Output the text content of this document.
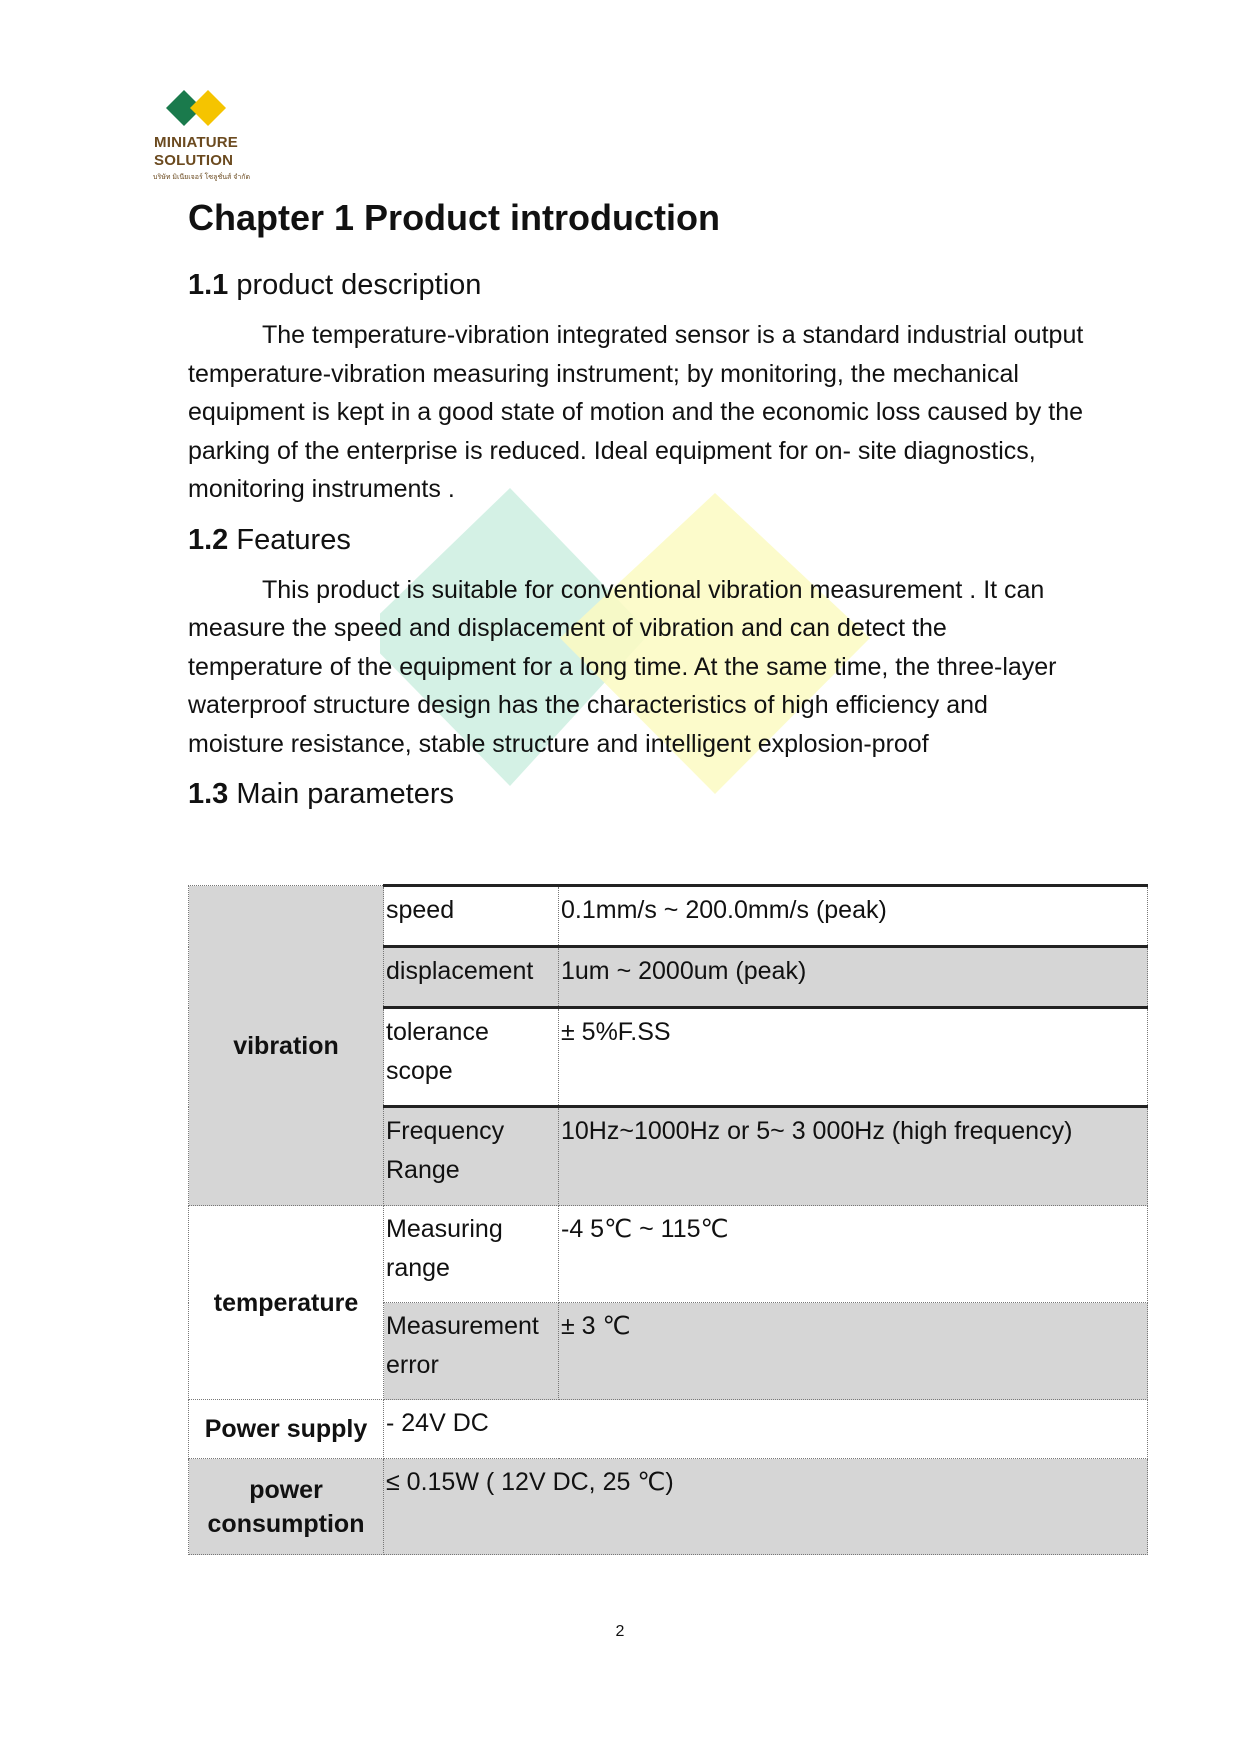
MINIATURE
SOLUTION
บริษัท มิเนียเจอร์ โซลูชั่นส์ จำกัด
Chapter 1 Product introduction
1.1 product description

The temperature-vibration integrated sensor is a standard industrial output temperature-vibration measuring instrument; by monitoring, the mechanical equipment is kept in a good state of motion and the economic loss caused by the parking of the enterprise is reduced. Ideal equipment for on- site diagnostics, monitoring instruments .

1.2 Features

This product is suitable for conventional vibration measurement . It can measure the speed and displacement of vibration and can detect the temperature of the equipment for a long time. At the same time, the three-layer waterproof structure design has the characteristics of high efficiency and moisture resistance, stable structure and intelligent explosion-proof

1.3 Main parameters
vibration	speed	0.1mm/s ~ 200.0mm/s (peak)
	displacement	1um ~ 2000um (peak)
	tolerance scope	± 5%F.SS
	Frequency Range	10Hz~1000Hz or 5~ 3 000Hz (high frequency)
temperature	Measuring range	-4 5℃ ~ 115℃
	Measurement error	± 3 ℃
Power supply	- 24V DC	
power consumption	≤ 0.15W ( 12V DC, 25 ℃)	
2
